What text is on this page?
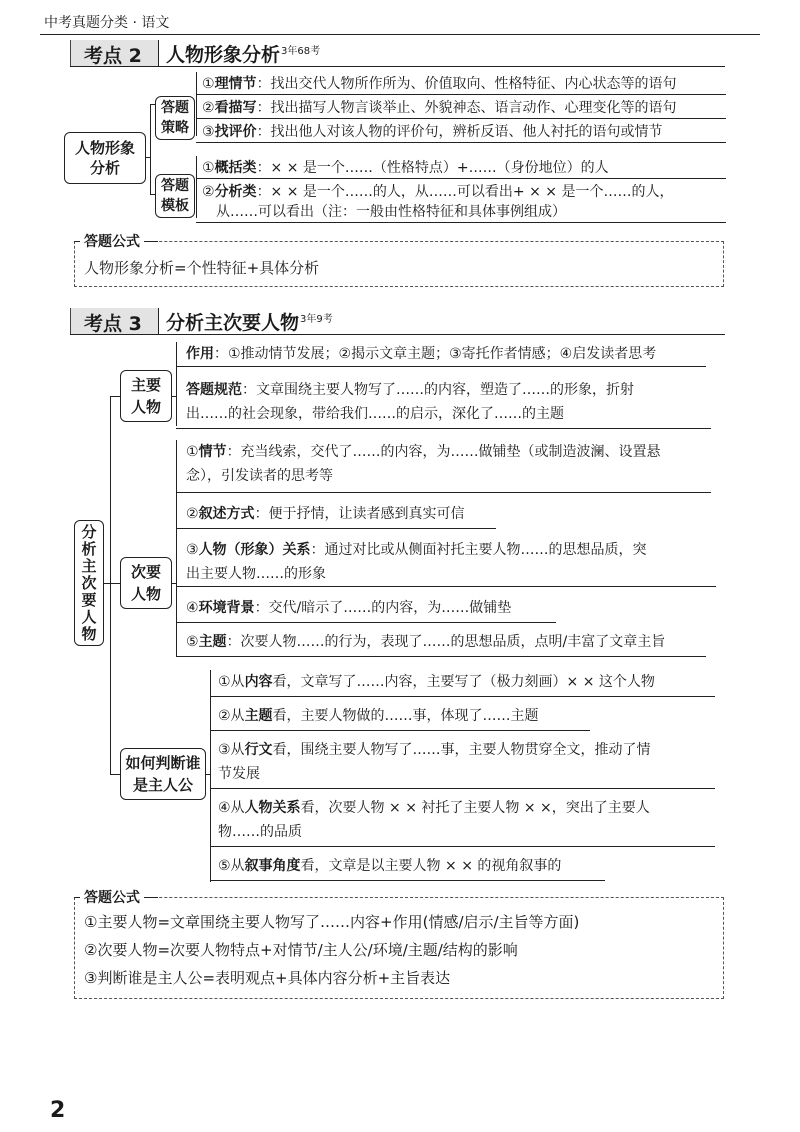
中考真题分类 · 语文
考点 2 人物形象分析$^{3年68考}$
人物形象
分析
答题
策略
①理情节：找出交代人物所作所为、价值取向、性格特征、内心状态等的语句
②看描写：找出描写人物言谈举止、外貌神态、语言动作、心理变化等的语句
③找评价：找出他人对该人物的评价句，辨析反语、他人衬托的语句或情节
答题
模板
①概括类：× × 是一个……（性格特点）+……（身份地位）的人
②分析类：× × 是一个……的人，从……可以看出+ × × 是一个……的人，
从……可以看出（注：一般由性格特征和具体事例组成）
答题公式
人物形象分析=个性特征+具体分析
考点 3 分析主次要人物$^{3年9考}$
分析主次要人物
主要
人物
作用：①推动情节发展；②揭示文章主题；③寄托作者情感；④启发读者思考
答题规范：文章围绕主要人物写了……的内容，塑造了……的形象，折射
出……的社会现象，带给我们……的启示，深化了……的主题
次要
人物
①情节：充当线索，交代了……的内容，为……做铺垫（或制造波澜、设置悬
念），引发读者的思考等
②叙述方式：便于抒情，让读者感到真实可信
③人物（形象）关系：通过对比或从侧面衬托主要人物……的思想品质，突
出主要人物……的形象
④环境背景：交代/暗示了……的内容，为……做铺垫
⑤主题：次要人物……的行为，表现了……的思想品质，点明/丰富了文章主旨
如何判断谁
是主人公
①从内容看，文章写了……内容，主要写了（极力刻画）× × 这个人物
②从主题看，主要人物做的……事，体现了……主题
③从行文看，围绕主要人物写了……事，主要人物贯穿全文，推动了情
节发展
④从人物关系看，次要人物 × × 衬托了主要人物 × ×，突出了主要人
物……的品质
⑤从叙事角度看，文章是以主要人物 × × 的视角叙事的
答题公式
①主要人物=文章围绕主要人物写了……内容+作用(情感/启示/主旨等方面)
②次要人物=次要人物特点+对情节/主人公/环境/主题/结构的影响
③判断谁是主人公=表明观点+具体内容分析+主旨表达
2
